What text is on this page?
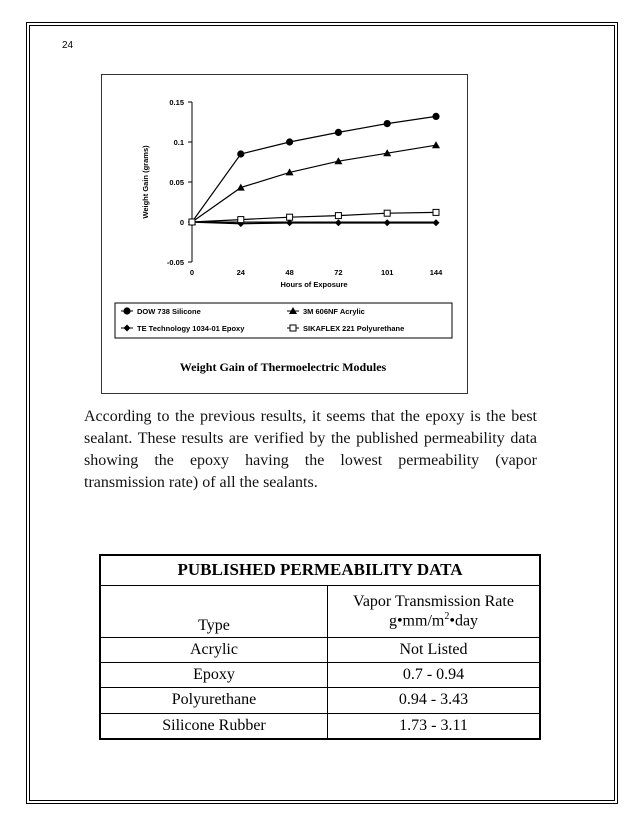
24
0.15
0.1
0.05
0
-0.05
0	24	48	72	101	144
Hours of Exposure
Weight Gain (grams)
DOW 738 Silicone	3M 606NF Acrylic
TE Technology 1034-01 Epoxy	SIKAFLEX 221 Polyurethane
Weight Gain of Thermoelectric Modules
According to the previous results, it seems that the epoxy is the best sealant. These results are verified by the published permeability data showing the epoxy having the lowest permeability (vapor transmission rate) of all the sealants.
PUBLISHED PERMEABILITY DATA	
Type	Vapor Transmission Rate
$g•mm/m^2•day$

Acrylic	Not Listed
Epoxy	0.7 - 0.94
Polyurethane	0.94 - 3.43
Silicone Rubber	1.73 - 3.11
